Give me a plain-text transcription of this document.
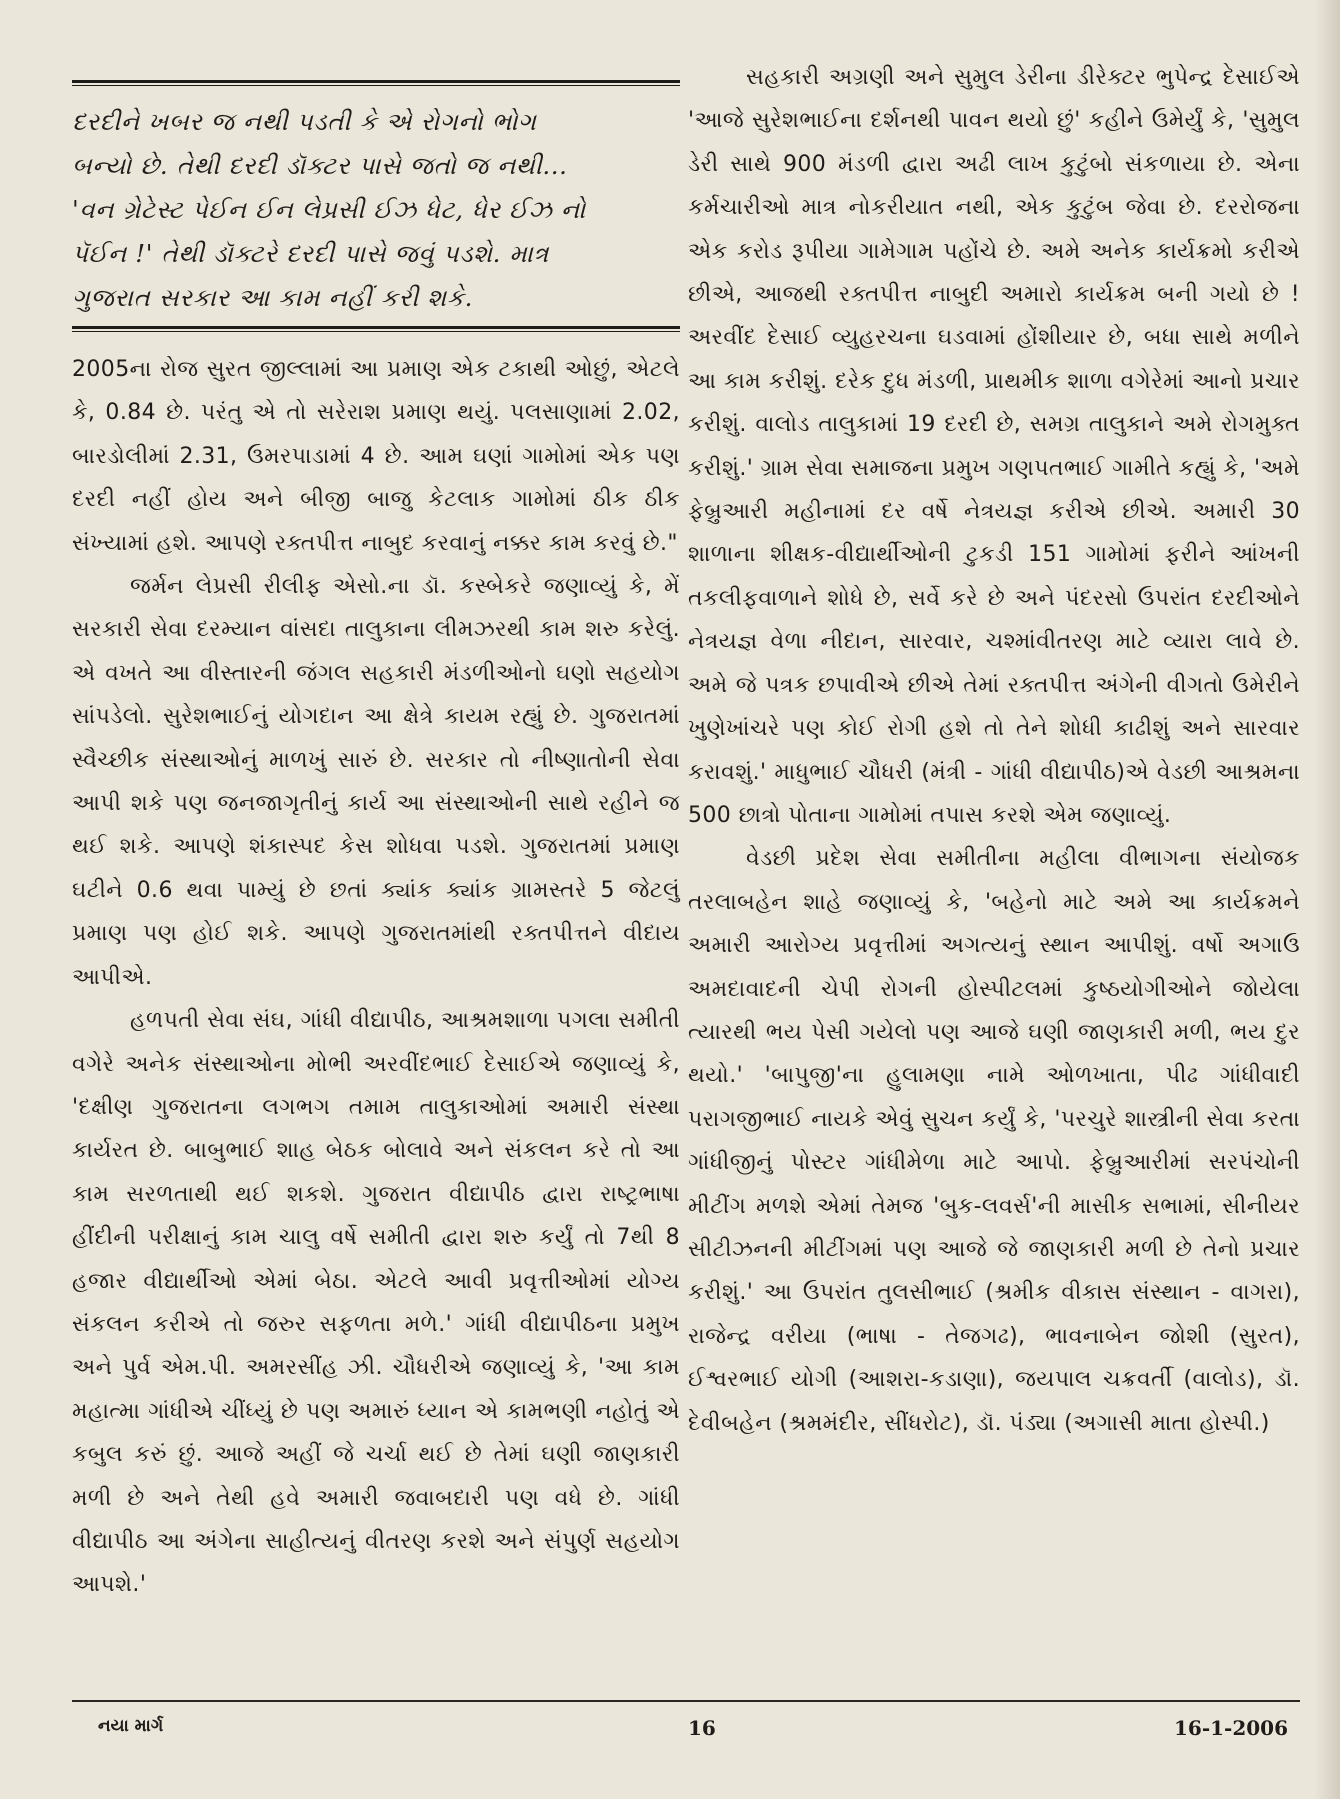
દરદીને ખબર જ નથી પડતી કે એ રોગનો ભોગ
બન્યો છે. તેથી દરદી ડૉક્ટર પાસે જતો જ નથી...
'વન ગ્રેટેસ્ટ પેઈન ઈન લેપ્રસી ઈઝ ધેટ, ધેર ઈઝ નો
પૅઈન !' તેથી ડૉક્ટરે દરદી પાસે જવું પડશે. માત્ર
ગુજરાત સરકાર આ કામ નહીં કરી શકે.

2005ના રોજ સુરત જીલ્લામાં આ પ્રમાણ એક ટકાથી ઓછું, એટલે કે, 0.84 છે. પરંતુ એ તો સરેરાશ પ્રમાણ થયું. પલસાણામાં 2.02, બારડોલીમાં 2.31, ઉમરપાડામાં 4 છે. આમ ઘણાં ગામોમાં એક પણ દરદી નહીં હોય અને બીજી બાજુ કેટલાક ગામોમાં ઠીક ઠીક સંખ્યામાં હશે. આપણે રક્તપીત્ત નાબુદ કરવાનું નક્કર કામ કરવું છે."

જર્મન લેપ્રસી રીલીફ એસો.ના ડૉ. કસ્બેકરે જણાવ્યું કે, મેં સરકારી સેવા દરમ્યાન વાંસદા તાલુકાના લીમઝરથી કામ શરુ કરેલું. એ વખતે આ વીસ્તારની જંગલ સહકારી મંડળીઓનો ઘણો સહયોગ સાંપડેલો. સુરેશભાઈનું યોગદાન આ ક્ષેત્રે કાયમ રહ્યું છે. ગુજરાતમાં સ્વૈચ્છીક સંસ્થાઓનું માળખું સારું છે. સરકાર તો નીષ્ણાતોની સેવા આપી શકે પણ જનજાગૃતીનું કાર્ય આ સંસ્થાઓની સાથે રહીને જ થઈ શકે. આપણે શંકાસ્પદ કેસ શોધવા પડશે. ગુજરાતમાં પ્રમાણ ઘટીને 0.6 થવા પામ્યું છે છતાં ક્યાંક ક્યાંક ગ્રામસ્તરે 5 જેટલું પ્રમાણ પણ હોઈ શકે. આપણે ગુજરાતમાંથી રક્તપીત્તને વીદાય આપીએ.

હળપતી સેવા સંઘ, ગાંધી વીદ્યાપીઠ, આશ્રમશાળા પગલા સમીતી વગેરે અનેક સંસ્થાઓના મોભી અરવીંદભાઈ દેસાઈએ જણાવ્યું કે, 'દક્ષીણ ગુજરાતના લગભગ તમામ તાલુકાઓમાં અમારી સંસ્થા કાર્યરત છે. બાબુભાઈ શાહ બેઠક બોલાવે અને સંકલન કરે તો આ કામ સરળતાથી થઈ શકશે. ગુજરાત વીદ્યાપીઠ દ્વારા રાષ્ટ્રભાષા હીંદીની પરીક્ષાનું કામ ચાલુ વર્ષે સમીતી દ્વારા શરુ કર્યું તો 7થી 8 હજાર વીદ્યાર્થીઓ એમાં બેઠા. એટલે આવી પ્રવૃત્તીઓમાં યોગ્ય સંકલન કરીએ તો જરુર સફળતા મળે.' ગાંધી વીદ્યાપીઠના પ્રમુખ અને પુર્વ એમ.પી. અમરસીંહ ઝી. ચૌધરીએ જણાવ્યું કે, 'આ કામ મહાત્મા ગાંધીએ ચીંધ્યું છે પણ અમારું ધ્યાન એ કામભણી નહોતું એ કબુલ કરું છું. આજે અહીં જે ચર્ચા થઈ છે તેમાં ઘણી જાણકારી મળી છે અને તેથી હવે અમારી જવાબદારી પણ વધે છે. ગાંધી વીદ્યાપીઠ આ અંગેના સાહીત્યનું વીતરણ કરશે અને સંપુર્ણ સહયોગ આપશે.'

સહકારી અગ્રણી અને સુમુલ ડેરીના ડીરેક્ટર ભુપેન્દ્ર દેસાઈએ 'આજે સુરેશભાઈના દર્શનથી પાવન થયો છું' કહીને ઉમેર્યું કે, 'સુમુલ ડેરી સાથે 900 મંડળી દ્વારા અઢી લાખ કુટુંબો સંકળાયા છે. એના કર્મચારીઓ માત્ર નોકરીયાત નથી, એક કુટુંબ જેવા છે. દરરોજના એક કરોડ રૂપીયા ગામેગામ પહોંચે છે. અમે અનેક કાર્યક્રમો કરીએ છીએ, આજથી રક્તપીત્ત નાબુદી અમારો કાર્યક્રમ બની ગયો છે ! અરવીંદ દેસાઈ વ્યુહરચના ઘડવામાં હોંશીયાર છે, બધા સાથે મળીને આ કામ કરીશું. દરેક દુધ મંડળી, પ્રાથમીક શાળા વગેરેમાં આનો પ્રચાર કરીશું. વાલોડ તાલુકામાં 19 દરદી છે, સમગ્ર તાલુકાને અમે રોગમુક્ત કરીશું.' ગ્રામ સેવા સમાજના પ્રમુખ ગણપતભાઈ ગામીતે કહ્યું કે, 'અમે ફેબ્રુઆરી મહીનામાં દર વર્ષે નેત્રયજ્ઞ કરીએ છીએ. અમારી 30 શાળાના શીક્ષક-વીદ્યાર્થીઓની ટુકડી 151 ગામોમાં ફરીને આંખની તકલીફવાળાને શોધે છે, સર્વે કરે છે અને પંદરસો ઉપરાંત દરદીઓને નેત્રયજ્ઞ વેળા નીદાન, સારવાર, ચશ્માંવીતરણ માટે વ્યારા લાવે છે. અમે જે પત્રક છપાવીએ છીએ તેમાં રક્તપીત્ત અંગેની વીગતો ઉમેરીને ખુણેખાંચરે પણ કોઈ રોગી હશે તો તેને શોધી કાઢીશું અને સારવાર કરાવશું.' માધુભાઈ ચૌધરી (મંત્રી - ગાંધી વીદ્યાપીઠ)એ વેડછી આશ્રમના 500 છાત્રો પોતાના ગામોમાં તપાસ કરશે એમ જણાવ્યું.

વેડછી પ્રદેશ સેવા સમીતીના મહીલા વીભાગના સંયોજક તરલાબહેન શાહે જણાવ્યું કે, 'બહેનો માટે અમે આ કાર્યક્રમને અમારી આરોગ્ય પ્રવૃત્તીમાં અગત્યનું સ્થાન આપીશું. વર્ષો અગાઉ અમદાવાદની ચેપી રોગની હોસ્પીટલમાં કુષ્ઠયોગીઓને જોયેલા ત્યારથી ભય પેસી ગયેલો પણ આજે ઘણી જાણકારી મળી, ભય દુર થયો.' 'બાપુજી'ના હુલામણા નામે ઓળખાતા, પીઢ ગાંધીવાદી પરાગજીભાઈ નાયકે એવું સુચન કર્યું કે, 'પરચુરે શાસ્ત્રીની સેવા કરતા ગાંધીજીનું પોસ્ટર ગાંધીમેળા માટે આપો. ફેબ્રુઆરીમાં સરપંચોની મીટીંગ મળશે એમાં તેમજ 'બુક-લવર્સ'ની માસીક સભામાં, સીનીયર સીટીઝનની મીટીંગમાં પણ આજે જે જાણકારી મળી છે તેનો પ્રચાર કરીશું.' આ ઉપરાંત તુલસીભાઈ (શ્રમીક વીકાસ સંસ્થાન - વાગરા), રાજેન્દ્ર વરીયા (ભાષા - તેજગઢ), ભાવનાબેન જોશી (સુરત), ઈશ્વરભાઈ યોગી (આશરા-કડાણા), જયપાલ ચક્રવર્તી (વાલોડ), ડૉ. દેવીબહેન (શ્રમમંદીર, સીંધરોટ), ડૉ. પંડ્યા (અગાસી માતા હોસ્પી.)

નયા માર્ગ	16	16-1-2006
